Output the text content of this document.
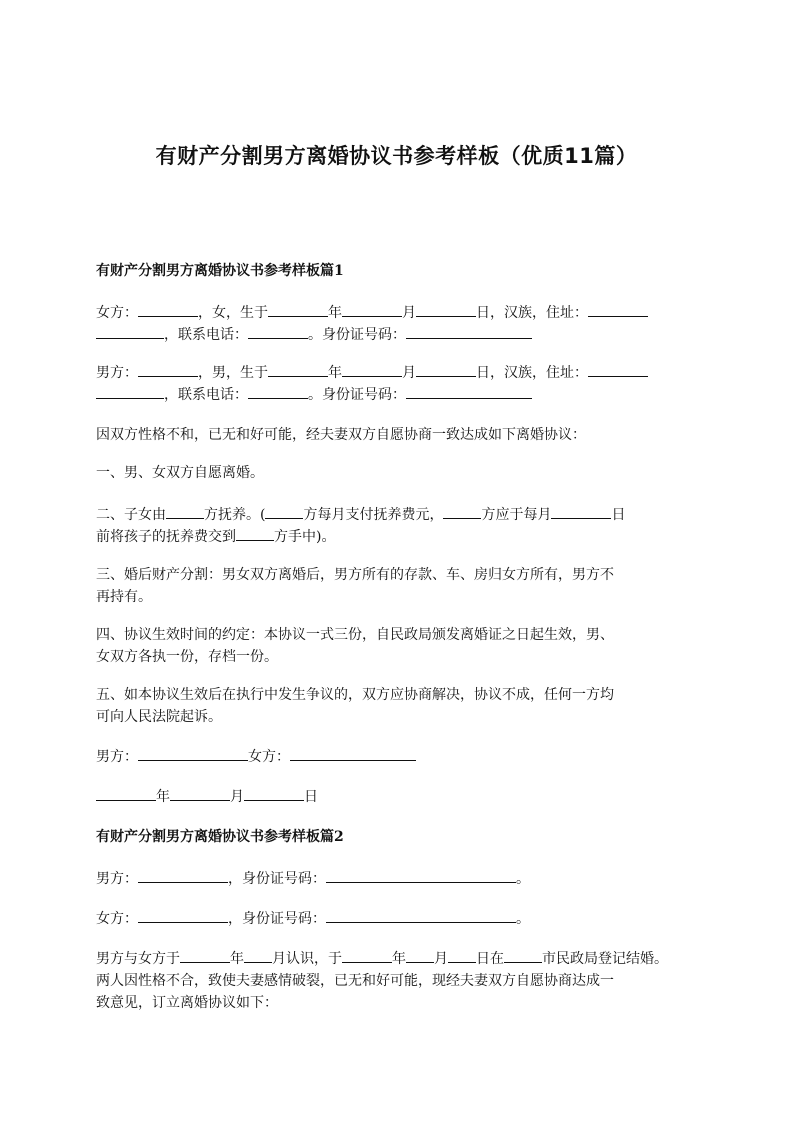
有财产分割男方离婚协议书参考样板（优质11篇）
有财产分割男方离婚协议书参考样板篇1

女方：	，女，生于	年	月	日，汉族，住址：
，联系电话：	。身份证号码：

男方：	，男，生于	年	月	日，汉族，住址：
，联系电话：	。身份证号码：

因双方性格不和，已无和好可能，经夫妻双方自愿协商一致达成如下离婚协议：

一、男、女双方自愿离婚。

二、子女由	方抚养。(	方每月支付抚养费元，	方应于每月	日
前将孩子的抚养费交到	方手中)。

三、婚后财产分割：男女双方离婚后，男方所有的存款、车、房归女方所有，男方不
再持有。

四、协议生效时间的约定：本协议一式三份，自民政局颁发离婚证之日起生效，男、
女双方各执一份，存档一份。

五、如本协议生效后在执行中发生争议的，双方应协商解决，协议不成，任何一方均
可向人民法院起诉。

男方：	女方：

年	月	日

有财产分割男方离婚协议书参考样板篇2

男方：	，身份证号码：	。

女方：	，身份证号码：	。

男方与女方于	年 月认识，于	年 月 日在	市民政局登记结婚。
两人因性格不合，致使夫妻感情破裂，已无和好可能，现经夫妻双方自愿协商达成一
致意见，订立离婚协议如下：
